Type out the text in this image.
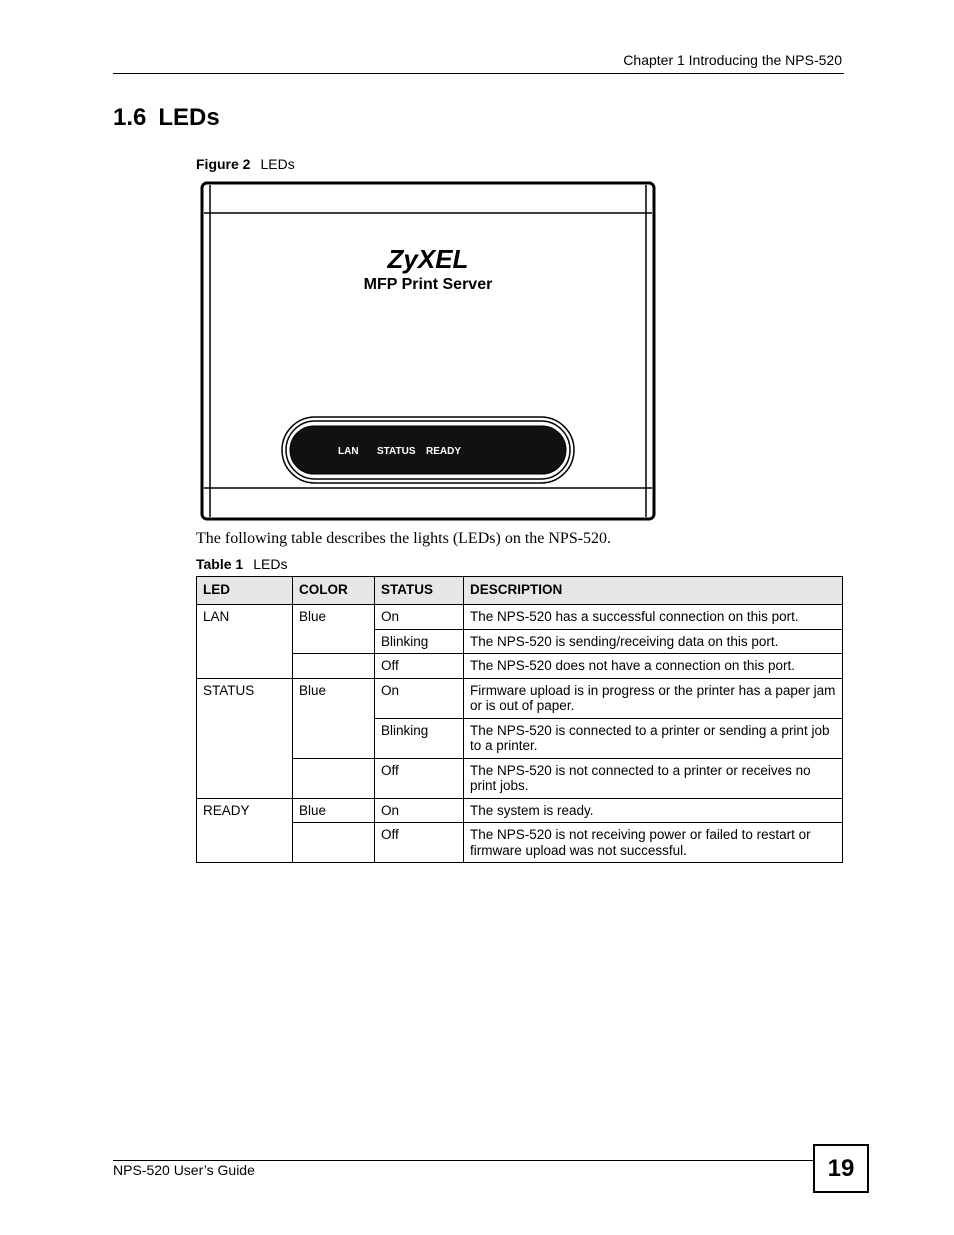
Chapter 1 Introducing the NPS-520
1.6 LEDs
Figure 2 LEDs
ZyXEL
MFP Print Server
LAN STATUS READY
The following table describes the lights (LEDs) on the NPS-520.
Table 1 LEDs
LED	COLOR	STATUS	DESCRIPTION
LAN	Blue	On	The NPS-520 has a successful connection on this port.
		Blinking	The NPS-520 is sending/receiving data on this port.
		Off	The NPS-520 does not have a connection on this port.
STATUS	Blue	On	Firmware upload is in progress or the printer has a paper jam or is out of paper.
		Blinking	The NPS-520 is connected to a printer or sending a print job to a printer.
		Off	The NPS-520 is not connected to a printer or receives no print jobs.
READY	Blue	On	The system is ready.
		Off	The NPS-520 is not receiving power or failed to restart or firmware upload was not successful.
NPS-520 User’s Guide	19
